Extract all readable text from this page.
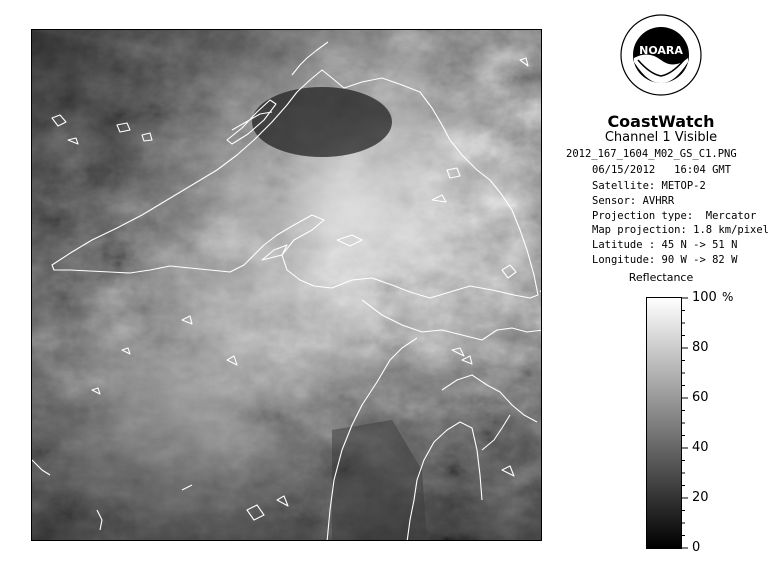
NOARA
CoastWatch
Channel 1 Visible
2012_167_1604_M02_GS_C1.PNG
06/15/2012   16:04 GMT
Satellite: METOP-2
Sensor: AVHRR
Projection type:  Mercator
Map projection: 1.8 km/pixel
Latitude : 45 N -> 51 N
Longitude: 90 W -> 82 W
Reflectance
%
100
80
60
40
20
0
